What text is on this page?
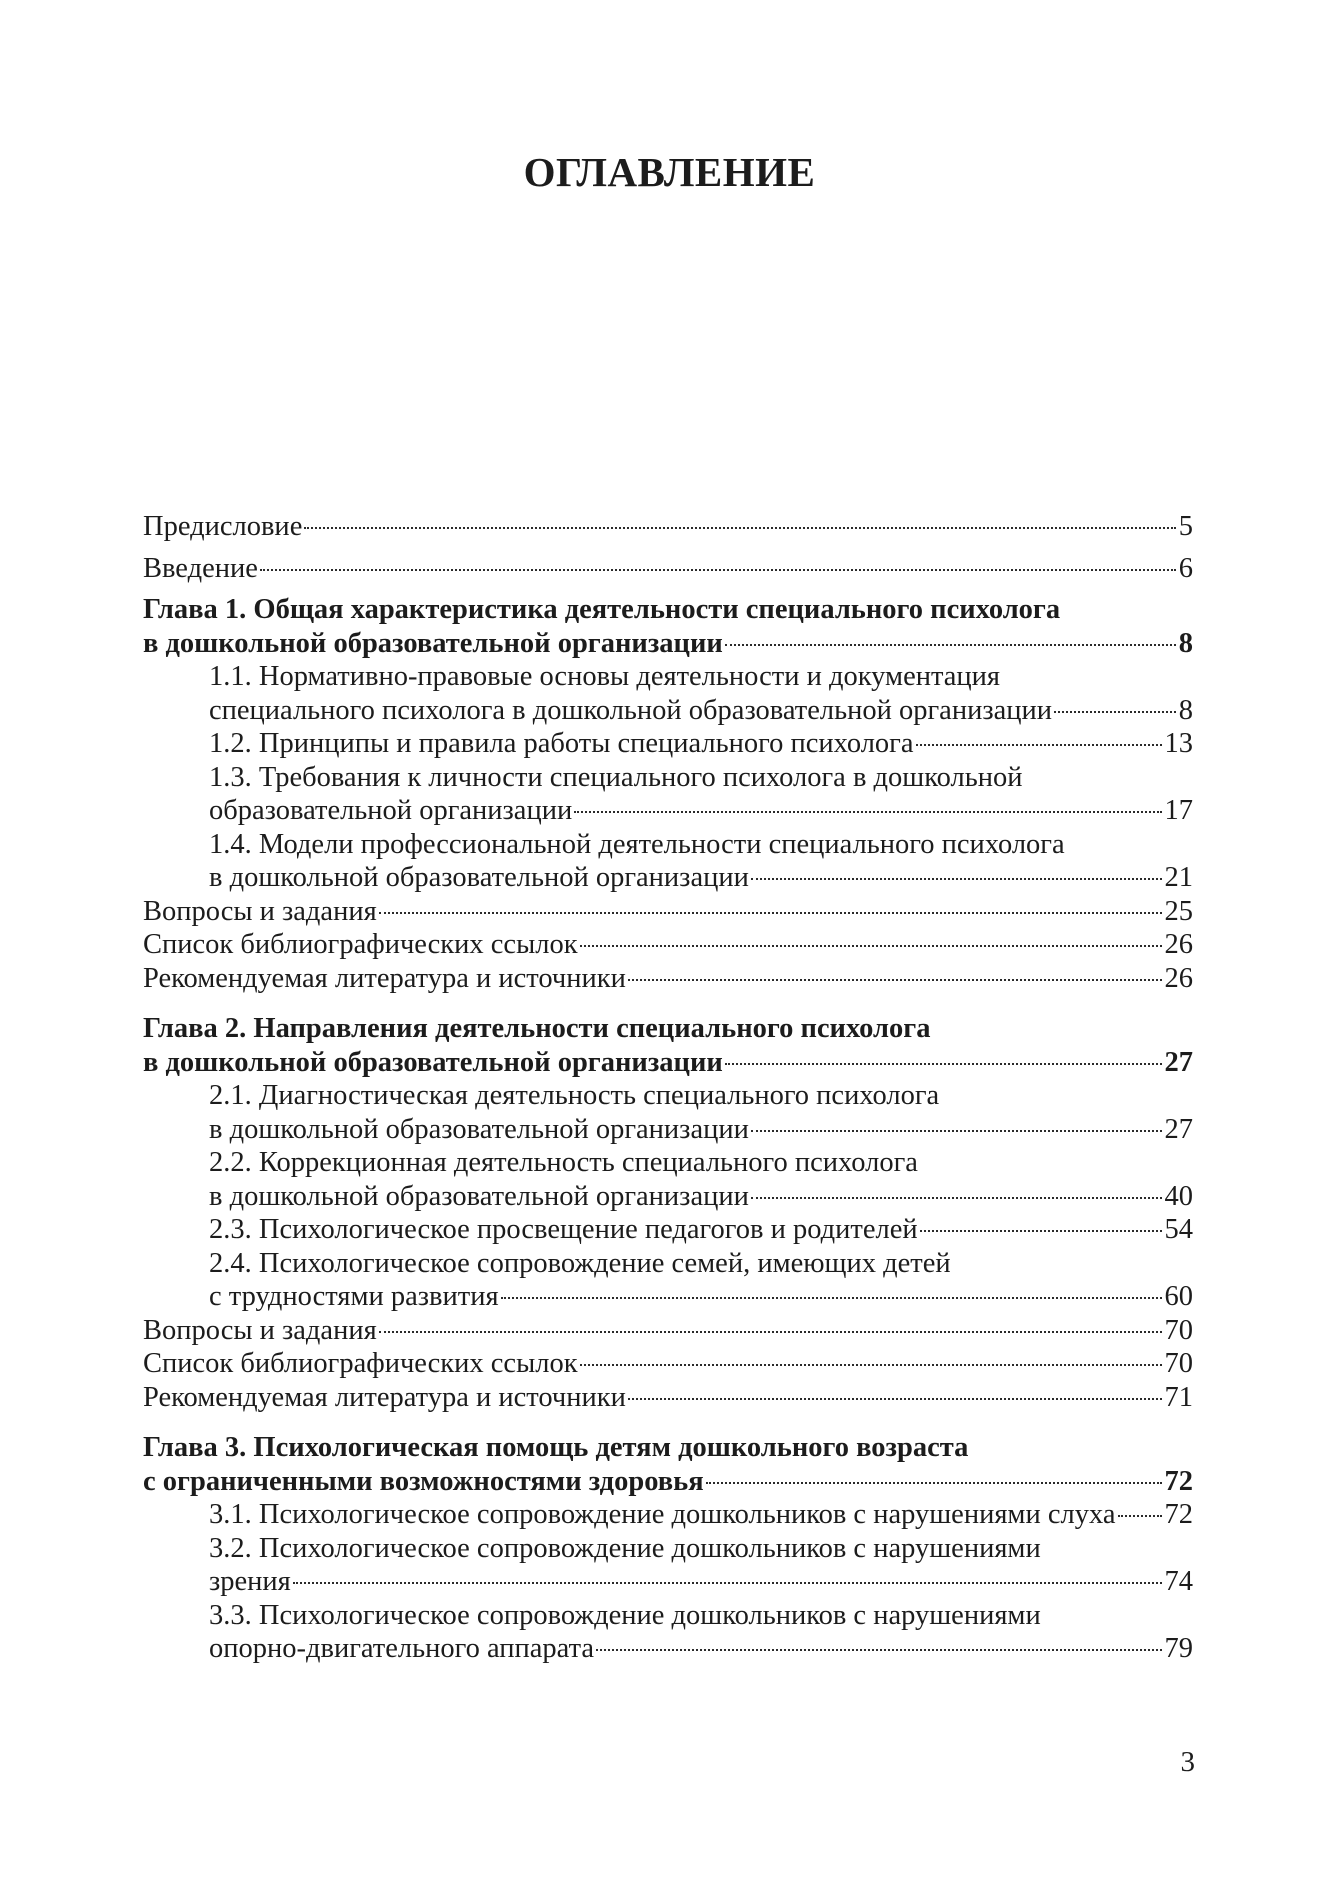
ОГЛАВЛЕНИЕ
Предисловие	5
Введение	6
Глава 1. Общая характеристика деятельности специального психолога
в дошкольной образовательной организации	8
1.1. Нормативно-правовые основы деятельности и документация
специального психолога в дошкольной образовательной организации	8
1.2. Принципы и правила работы специального психолога	13
1.3. Требования к личности специального психолога в дошкольной
образовательной организации	17
1.4. Модели профессиональной деятельности специального психолога
в дошкольной образовательной организации	21
Вопросы и задания	25
Список библиографических ссылок	26
Рекомендуемая литература и источники	26
Глава 2. Направления деятельности специального психолога
в дошкольной образовательной организации	27
2.1. Диагностическая деятельность специального психолога
в дошкольной образовательной организации	27
2.2. Коррекционная деятельность специального психолога
в дошкольной образовательной организации	40
2.3. Психологическое просвещение педагогов и родителей	54
2.4. Психологическое сопровождение семей, имеющих детей
с трудностями развития	60
Вопросы и задания	70
Список библиографических ссылок	70
Рекомендуемая литература и источники	71
Глава 3. Психологическая помощь детям дошкольного возраста
с ограниченными возможностями здоровья	72
3.1. Психологическое сопровождение дошкольников с нарушениями слуха 72
3.2. Психологическое сопровождение дошкольников с нарушениями
зрения	74
3.3. Психологическое сопровождение дошкольников с нарушениями
опорно-двигательного аппарата	79
3
